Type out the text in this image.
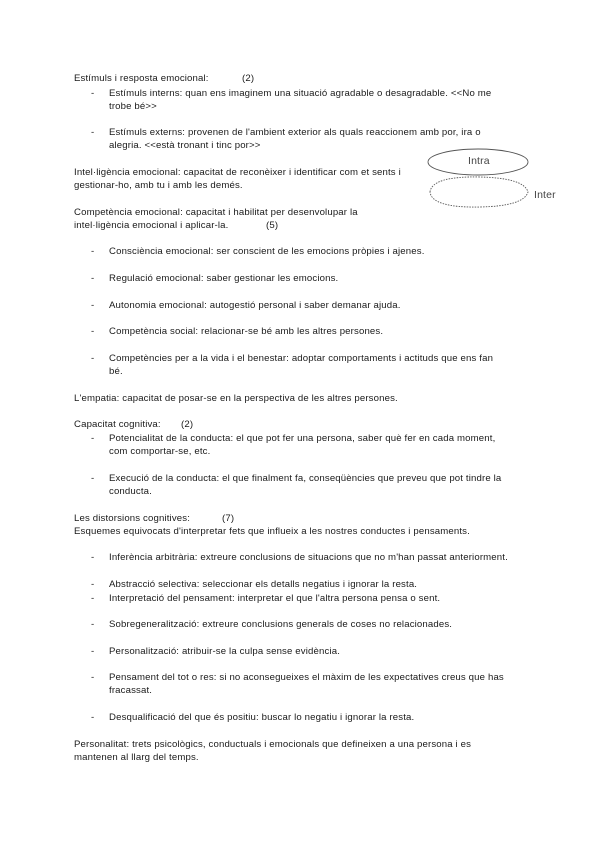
Estímuls i resposta emocional:	(2)
- Estímuls interns: quan ens imaginem una situació agradable o desagradable. <<No me
trobe bé>>
- Estímuls externs: provenen de l'ambient exterior als quals reaccionem amb por, ira o
alegria. <<està tronant i tinc por>>
Intel·ligència emocional: capacitat de reconèixer i identificar com et sents i
gestionar-ho, amb tu i amb les demés.
Intra
Inter
Competència emocional: capacitat i habilitat per desenvolupar la
intel·ligència emocional i aplicar-la.	(5)
- Consciència emocional: ser conscient de les emocions pròpies i ajenes.
- Regulació emocional: saber gestionar les emocions.
- Autonomia emocional: autogestió personal i saber demanar ajuda.
- Competència social: relacionar-se bé amb les altres persones.
- Competències per a la vida i el benestar: adoptar comportaments i actituds que ens fan
bé.
L'empatia: capacitat de posar-se en la perspectiva de les altres persones.
Capacitat cognitiva: (2)
- Potencialitat de la conducta: el que pot fer una persona, saber què fer en cada moment,
com comportar-se, etc.
- Execució de la conducta: el que finalment fa, conseqüències que preveu que pot tindre la
conducta.
Les distorsions cognitives:	(7)
Esquemes equivocats d'interpretar fets que influeix a les nostres conductes i pensaments.
- Inferència arbitrària: extreure conclusions de situacions que no m'han passat anteriorment.
- Abstracció selectiva: seleccionar els detalls negatius i ignorar la resta.
- Interpretació del pensament: interpretar el que l'altra persona pensa o sent.
- Sobregeneralització: extreure conclusions generals de coses no relacionades.
- Personalització: atribuir-se la culpa sense evidència.
- Pensament del tot o res: si no aconsegueixes el màxim de les expectatives creus que has
fracassat.
- Desqualificació del que és positiu: buscar lo negatiu i ignorar la resta.
Personalitat: trets psicològics, conductuals i emocionals que defineixen a una persona i es
mantenen al llarg del temps.
